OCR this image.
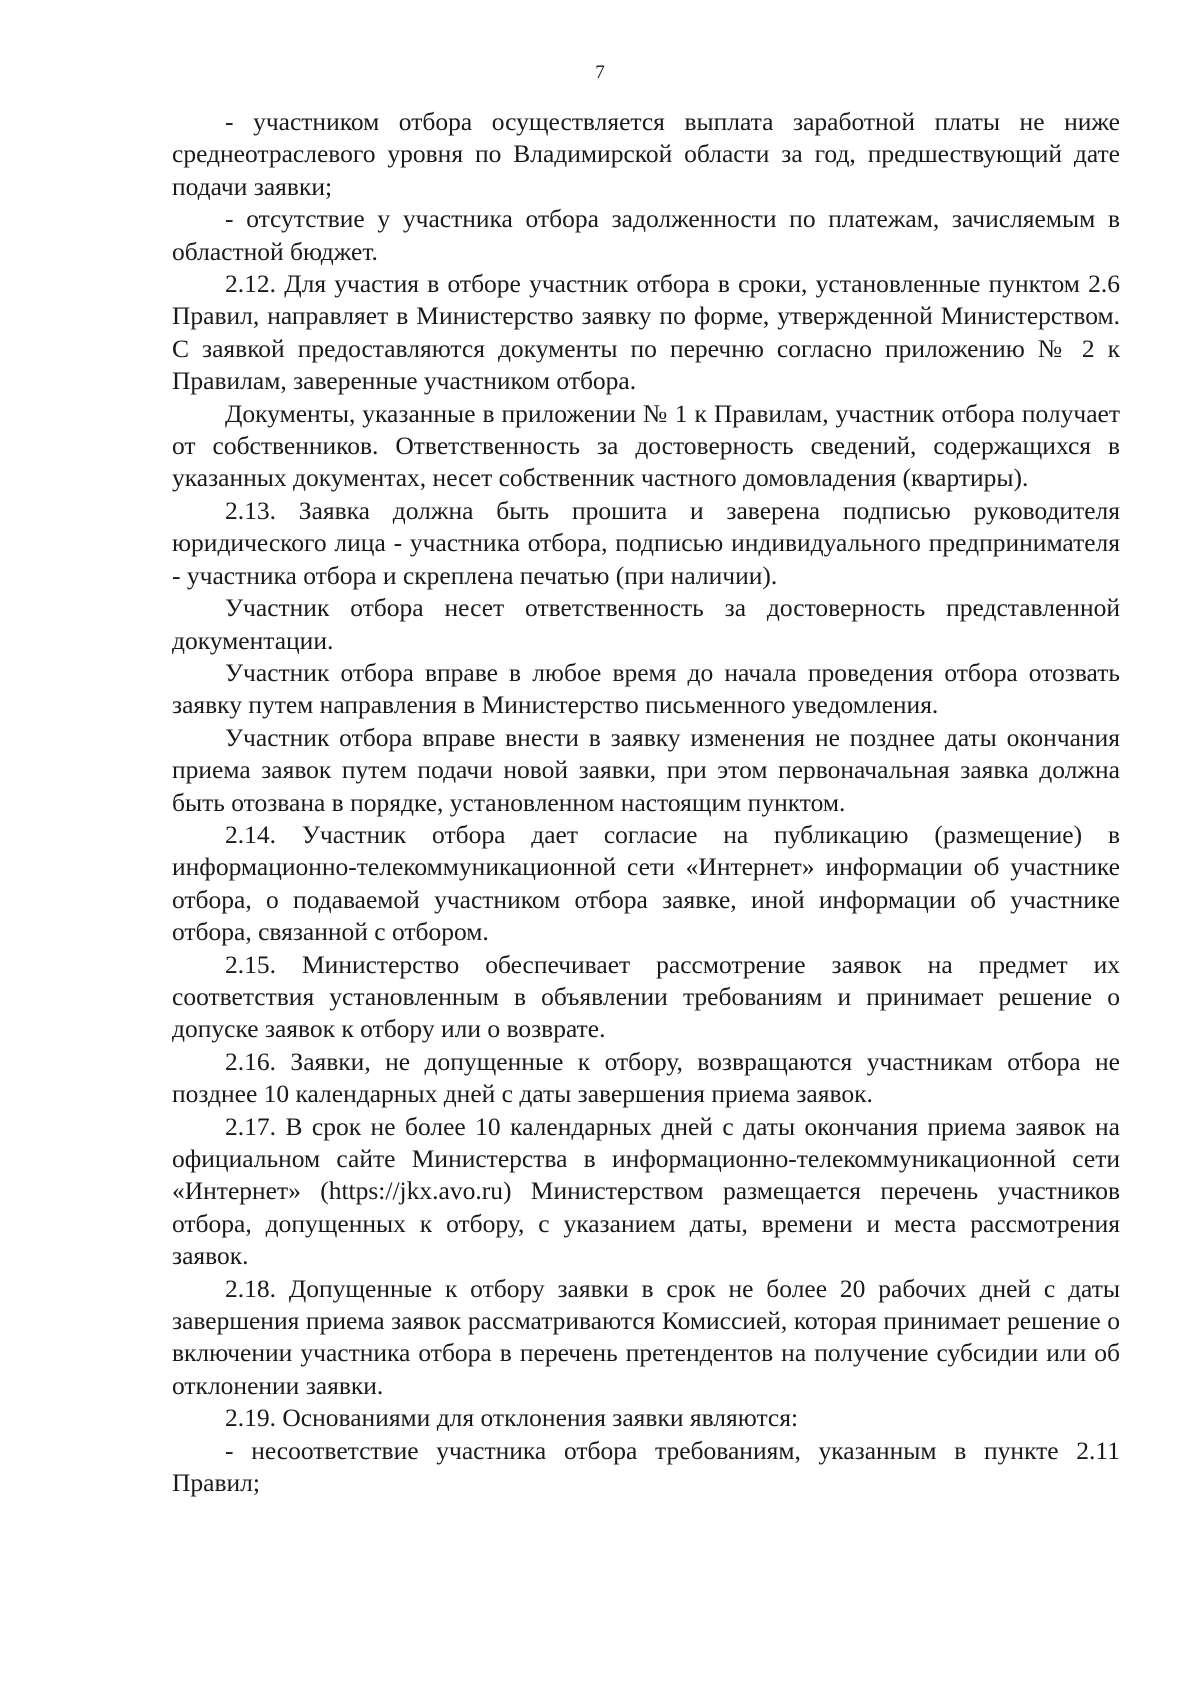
7

- участником отбора осуществляется выплата заработной платы не ниже среднеотраслевого уровня по Владимирской области за год, предшествующий дате подачи заявки;

- отсутствие у участника отбора задолженности по платежам, зачисляемым в областной бюджет.

2.12. Для участия в отборе участник отбора в сроки, установленные пунктом 2.6 Правил, направляет в Министерство заявку по форме, утвержденной Министерством. С заявкой предоставляются документы по перечню согласно приложению № 2 к Правилам, заверенные участником отбора.

Документы, указанные в приложении № 1 к Правилам, участник отбора получает от собственников. Ответственность за достоверность сведений, содержащихся в указанных документах, несет собственник частного домовладения (квартиры).

2.13. Заявка должна быть прошита и заверена подписью руководителя юридического лица - участника отбора, подписью индивидуального предпринимателя - участника отбора и скреплена печатью (при наличии).

Участник отбора несет ответственность за достоверность представленной документации.

Участник отбора вправе в любое время до начала проведения отбора отозвать заявку путем направления в Министерство письменного уведомления.

Участник отбора вправе внести в заявку изменения не позднее даты окончания приема заявок путем подачи новой заявки, при этом первоначальная заявка должна быть отозвана в порядке, установленном настоящим пунктом.

2.14. Участник отбора дает согласие на публикацию (размещение) в информационно-телекоммуникационной сети «Интернет» информации об участнике отбора, о подаваемой участником отбора заявке, иной информации об участнике отбора, связанной с отбором.

2.15. Министерство обеспечивает рассмотрение заявок на предмет их соответствия установленным в объявлении требованиям и принимает решение о допуске заявок к отбору или о возврате.

2.16. Заявки, не допущенные к отбору, возвращаются участникам отбора не позднее 10 календарных дней с даты завершения приема заявок.

2.17. В срок не более 10 календарных дней с даты окончания приема заявок на официальном сайте Министерства в информационно-телекоммуникационной сети «Интернет» (https://jkx.avo.ru) Министерством размещается перечень участников отбора, допущенных к отбору, с указанием даты, времени и места рассмотрения заявок.

2.18. Допущенные к отбору заявки в срок не более 20 рабочих дней с даты завершения приема заявок рассматриваются Комиссией, которая принимает решение о включении участника отбора в перечень претендентов на получение субсидии или об отклонении заявки.

2.19. Основаниями для отклонения заявки являются:

- несоответствие участника отбора требованиям, указанным в пункте 2.11 Правил;
